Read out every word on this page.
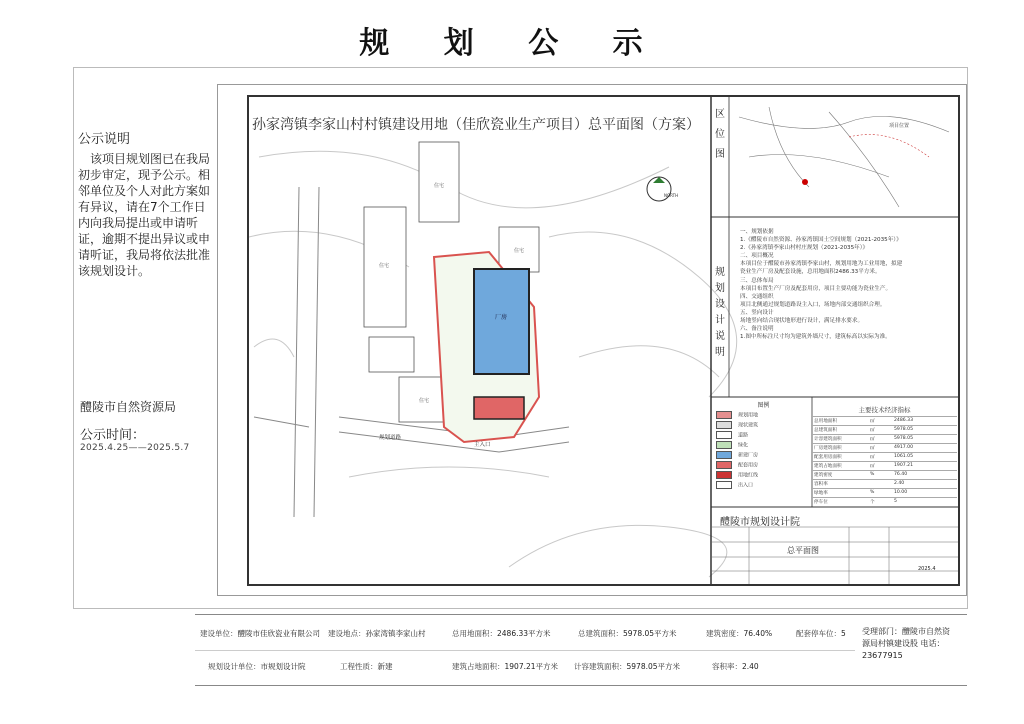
规 划 公 示
公示说明
该项目规划图已在我局初步审定，现予公示。相邻单位及个人对此方案如有异议，请在7个工作日内向我局提出或申请听证，逾期不提出异议或申请听证，我局将依法批准该规划设计。
醴陵市自然资源局
公示时间：
2025.4.25——2025.5.7
住宅
住宅
住宅
住宅
厂房
规划道路
主入口
NORTH
项目位置
孙家湾镇李家山村村镇建设用地（佳欣瓷业生产项目）总平面图（方案）
区位图
规划设计说明
一、规划依据
1.《醴陵市自然资源、孙家湾镇国土空间规划（2021-2035年）》
2.《孙家湾镇李家山村村庄规划（2021-2035年）》
二、项目概况
本项目位于醴陵市孙家湾镇李家山村，规划用地为工业用地，拟建
瓷业生产厂房及配套设施，总用地面积2486.33平方米。
三、总体布局
本项目布置生产厂房及配套用房，项目主要功能为瓷业生产。
四、交通组织
项目北侧通过规划道路设主入口，场地内部交通组织合理。
五、竖向设计
场地竖向结合现状地形进行设计，满足排水要求。
六、备注说明
1.图中所标注尺寸均为建筑外墙尺寸，建筑标高以实际为准。
图例
规划用地
现状建筑
道路
绿化
新建厂房
配套用房
用地红线
出入口
主要技术经济指标
总用地面积	㎡	2486.33
总建筑面积	㎡	5978.05
计容建筑面积	㎡	5978.05
厂房建筑面积	㎡	4917.00
配套用房面积	㎡	1061.05
建筑占地面积	㎡	1907.21
建筑密度	%	76.40
容积率	2.40
绿地率	%	10.00
停车位	个	5
醴陵市规划设计院
总平面图
2025.4
建设单位：醴陵市佳欣瓷业有限公司 建设地点：孙家湾镇李家山村	总用地面积：2486.33平方米	总建筑面积：5978.05平方米	建筑密度：76.40%	配套停车位：5
规划设计单位：市规划设计院	工程性质：新建	建筑占地面积：1907.21平方米 计容建筑面积：5978.05平方米	容积率：2.40
受理部门：醴陵市自然资源局村镇建设股 电话：23677915
